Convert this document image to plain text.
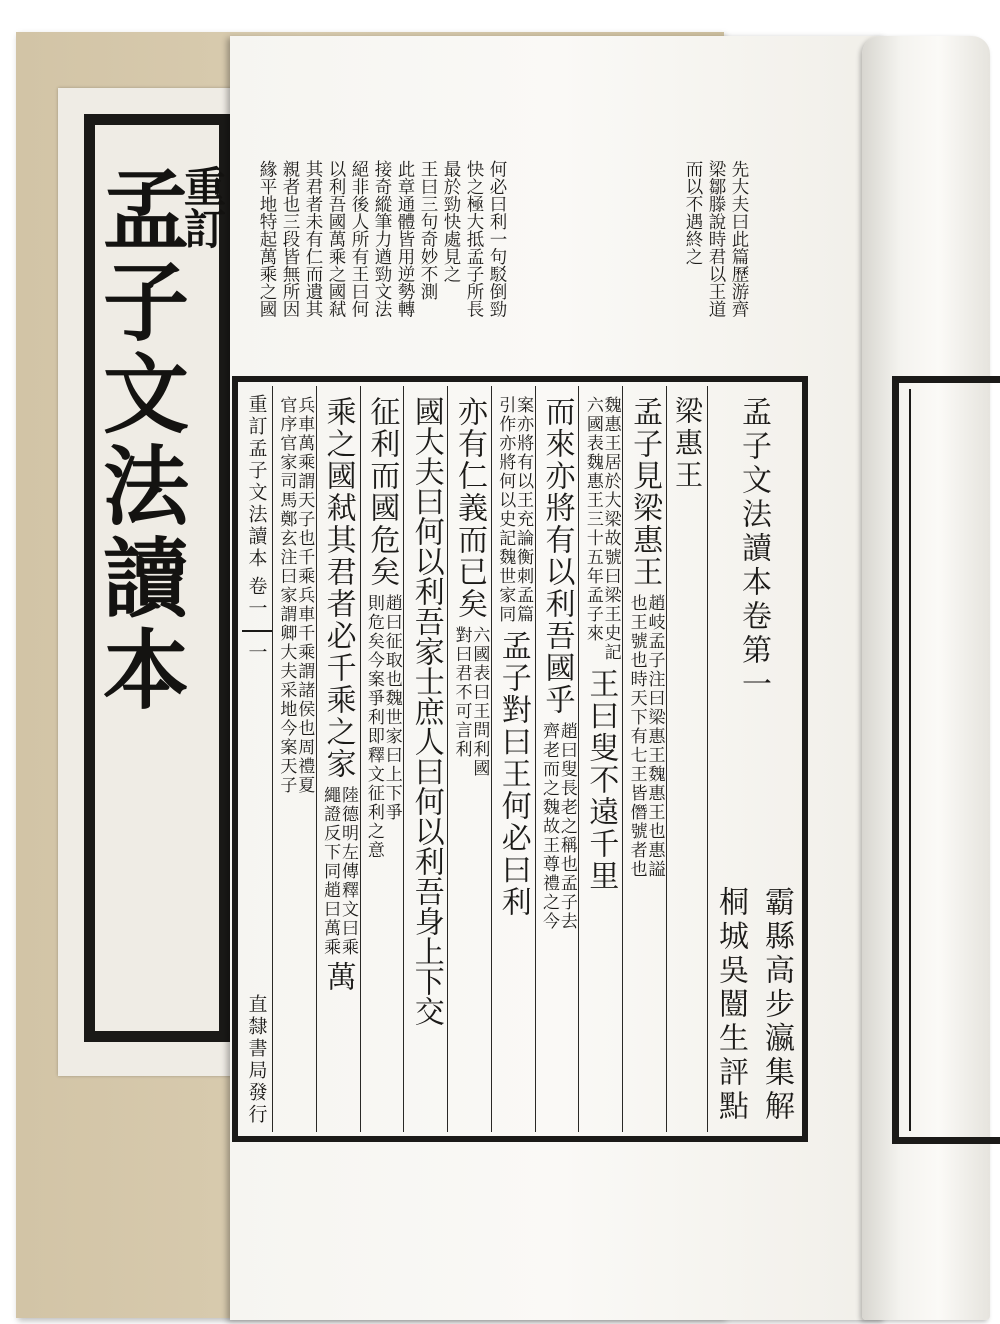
重訂
孟子文法讀本	先大夫曰此篇歷游齊
梁鄒滕說時君以王道
而以不遇終之
何必曰利一句駁倒勁
快之極大抵孟子所長
最於勁快處見之
王曰三句奇妙不測
此章通體皆用逆勢轉
接奇縱筆力遒勁文法
絕非後人所有王曰何
以利吾國萬乘之國弒
其君者未有仁而遺其
親者也三段皆無所因
緣平地特起萬乘之國
孟子文法讀本卷第一
霸縣高步瀛集解
桐城吳闓生評點
梁惠王
孟子見梁惠王
趙岐孟子注曰梁惠王魏惠王也惠謚
也王號也時天下有七王皆僭號者也
魏惠王居於大梁故號曰梁王史記
六國表魏惠王三十五年孟子來
王曰叟不遠千里
而來亦將有以利吾國乎
趙曰叟長老之稱也孟子去
齊老而之魏故王尊禮之今
案亦將有以王充論衡刺孟篇
引作亦將何以史記魏世家同
孟子對曰王何必曰利
亦有仁義而已矣
六國表曰王問利國
對曰君不可言利
國大夫曰何以利吾家士庶人曰何以利吾身上下交
征利而國危矣
趙曰征取也魏世家曰上下爭
則危矣今案爭利即釋文征利之意
乘之國弒其君者必千乘之家
陸德明左傳釋文曰乘
繩證反下同趙曰萬乘
萬
兵車萬乘謂天子也千乘兵車千乘謂諸侯也周禮夏
官序官家司馬鄭玄注曰家謂卿大夫采地今案天子
重訂孟子文法讀本
卷一
一
直隸書局發行
